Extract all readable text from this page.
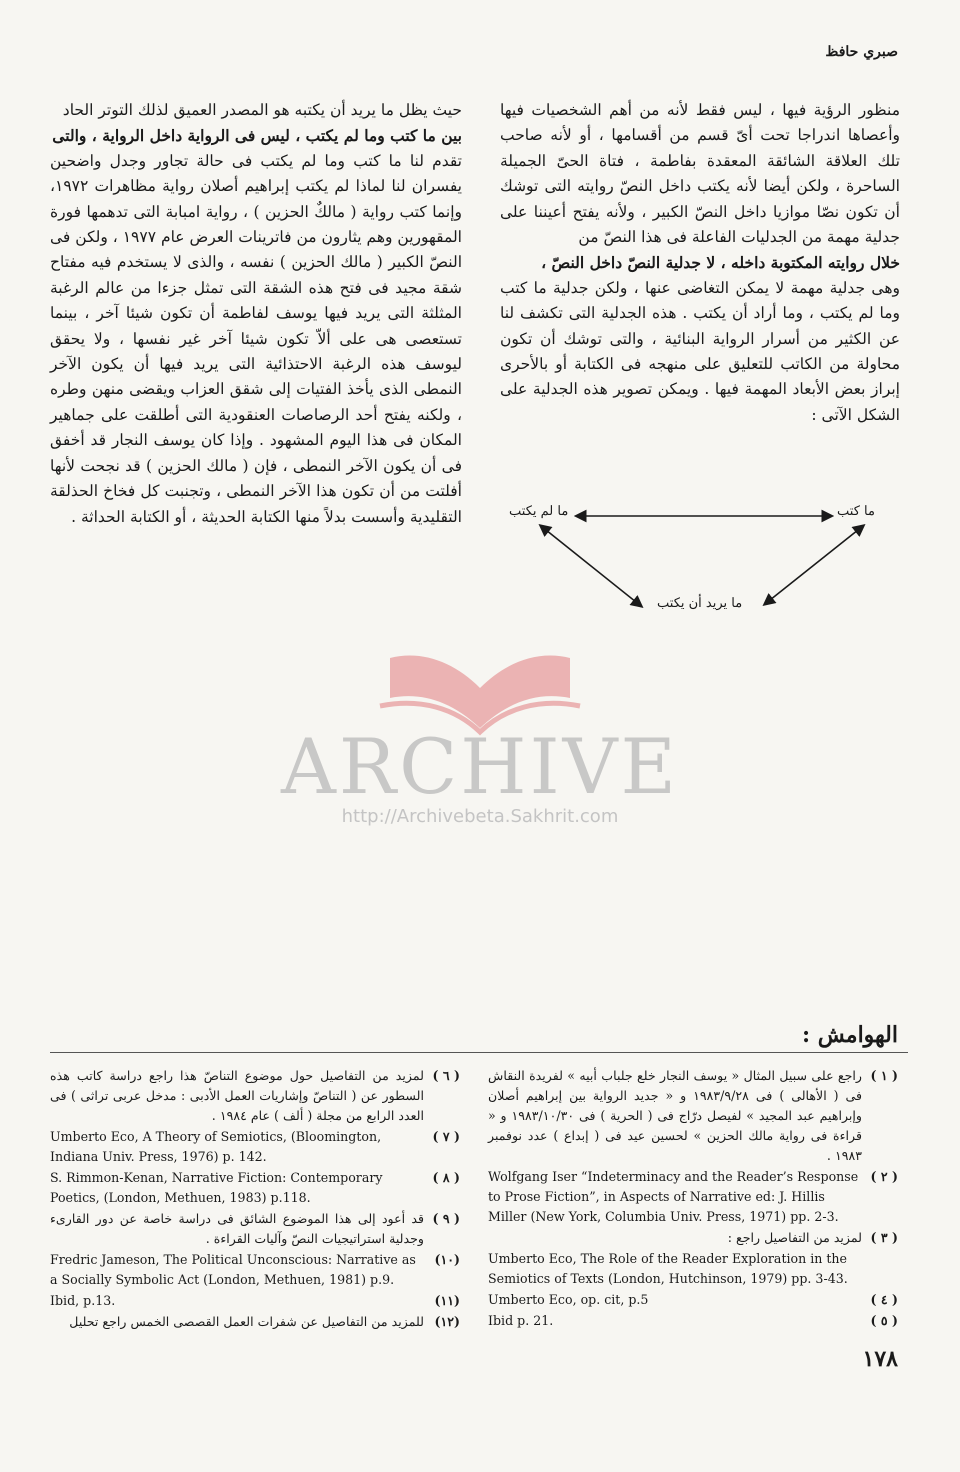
صبري حافظ

منظور الرؤية فيها ، ليس فقط لأنه من أهم الشخصيات فيها وأعصاها اندراجا تحت أىّ قسم من أقسامها ، أو لأنه صاحب تلك العلاقة الشائقة المعقدة بفاطمة ، فتاة الحىّ الجميلة الساحرة ، ولكن أيضا لأنه يكتب داخل النصّ روايته التى توشك أن تكون نصّا موازيا داخل النصّ الكبير ، ولأنه يفتح أعيننا على جدلية مهمة من الجدليات الفاعلة فى هذا النصّ من

خلال روايته المكتوبة داخله ، لا جدلية النصّ داخل النصّ ،

وهى جدلية مهمة لا يمكن التغاضى عنها ، ولكن جدلية ما كتب وما لم يكتب ، وما أراد أن يكتب . هذه الجدلية التى تكشف لنا عن الكثير من أسرار الرواية البنائية ، والتى توشك أن تكون محاولة من الكاتب للتعليق على منهجه فى الكتابة أو بالأحرى إبراز بعض الأبعاد المهمة فيها . ويمكن تصوير هذه الجدلية على الشكل الآتى :

حيث يظل ما يريد أن يكتبه هو المصدر العميق لذلك التوتر الحاد

بين ما كتب وما لم يكتب ، ليس فى الرواية داخل الرواية ، والتى

تقدم لنا ما كتب وما لم يكتب فى حالة تجاور وجدل واضحين يفسران لنا لماذا لم يكتب إبراهيم أصلان رواية مظاهرات ١٩٧٢، وإنما كتب رواية ( مالكٌ الحزين ) ، رواية امبابة التى تدهمها فورة المقهورين وهم يثارون من فاترينات العرض عام ١٩٧٧ ، ولكن فى النصّ الكبير ( مالك الحزين ) نفسه ، والذى لا يستخدم فيه مفتاح شقة مجيد فى فتح هذه الشقة التى تمثل جزءا من عالم الرغبة المثلثة التى يريد فيها يوسف لفاطمة أن تكون شيئا آخر ، بينما تستعصى هى على ألاّ تكون شيئا آخر غير نفسها ، ولا يحقق ليوسف هذه الرغبة الاحتذائية التى يريد فيها أن يكون الآخر النمطى الذى يأخذ الفتيات إلى شقق العزاب ويقضى منهن وطره ، ولكنه يفتح أحد الرصاصات العنقودية التى أطلقت على جماهير المكان فى هذا اليوم المشهود . وإذا كان يوسف النجار قد أخفق فى أن يكون الآخر النمطى ، فإن ( مالك الحزين ) قد نجحت لأنها أفلتت من أن تكون هذا الآخر النمطى ، وتجنبت كل فخاخ الحذلقة التقليدية وأسست بدلاً منها الكتابة الحديثة ، أو الكتابة الحداثة .	ما كتب
ما لم يكتب
ما يريد أن يكتب
ARCHIVE
http://Archivebeta.Sakhrit.com
الهوامش :
( ١ )
راجع على سبيل المثال « يوسف النجار خلع جلباب أبيه » لفريدة النقاش فى ( الأهالى ) فى ١٩٨٣/٩/٢٨ و « جديد الرواية بين إبراهيم أصلان وإبراهيم عبد المجيد » لفيصل درّاج فى ( الحرية ) فى ١٩٨٣/١٠/٣٠ و « قراءة فى رواية مالك الحزين » لحسين عيد فى ( إبداع ) عدد نوفمبر ١٩٨٣ .
( ٢ )
Wolfgang Iser “Indeterminacy and the Reader’s Response to Prose Fiction”, in Aspects of Narrative ed: J. Hillis Miller (New York, Columbia Univ. Press, 1971) pp. 2-3.
( ٣ )
لمزيد من التفاصيل راجع :
Umberto Eco, The Role of the Reader Exploration in the Semiotics of Texts (London, Hutchinson, 1979) pp. 3-43.
( ٤ )
Umberto Eco, op. cit, p.5
( ٥ )
Ibid p. 21.
( ٦ )
لمزيد من التفاصيل حول موضوع التناصّ هذا راجع دراسة كاتب هذه السطور عن ( التناصّ وإشاريات العمل الأدبى : مدخل عربى تراثى ) فى العدد الرابع من مجلة ( ألف ) عام ١٩٨٤ .
( ٧ )
Umberto Eco, A Theory of Semiotics, (Bloomington, Indiana Univ. Press, 1976) p. 142.
( ٨ )
S. Rimmon-Kenan, Narrative Fiction: Contemporary Poetics, (London, Methuen, 1983) p.118.
( ٩ )
قد أعود إلى هذا الموضوع الشائق فى دراسة خاصة عن دور القارىء وجدلية استراتيجيات النصّ وآليات القراءة .
(١٠)
Fredric Jameson, The Political Unconscious: Narrative as a Socially Symbolic Act (London, Methuen, 1981) p.9.
(١١)
Ibid, p.13.
(١٢)
للمزيد من التفاصيل عن شفرات العمل القصصى الخمس راجع تحليل
١٧٨
